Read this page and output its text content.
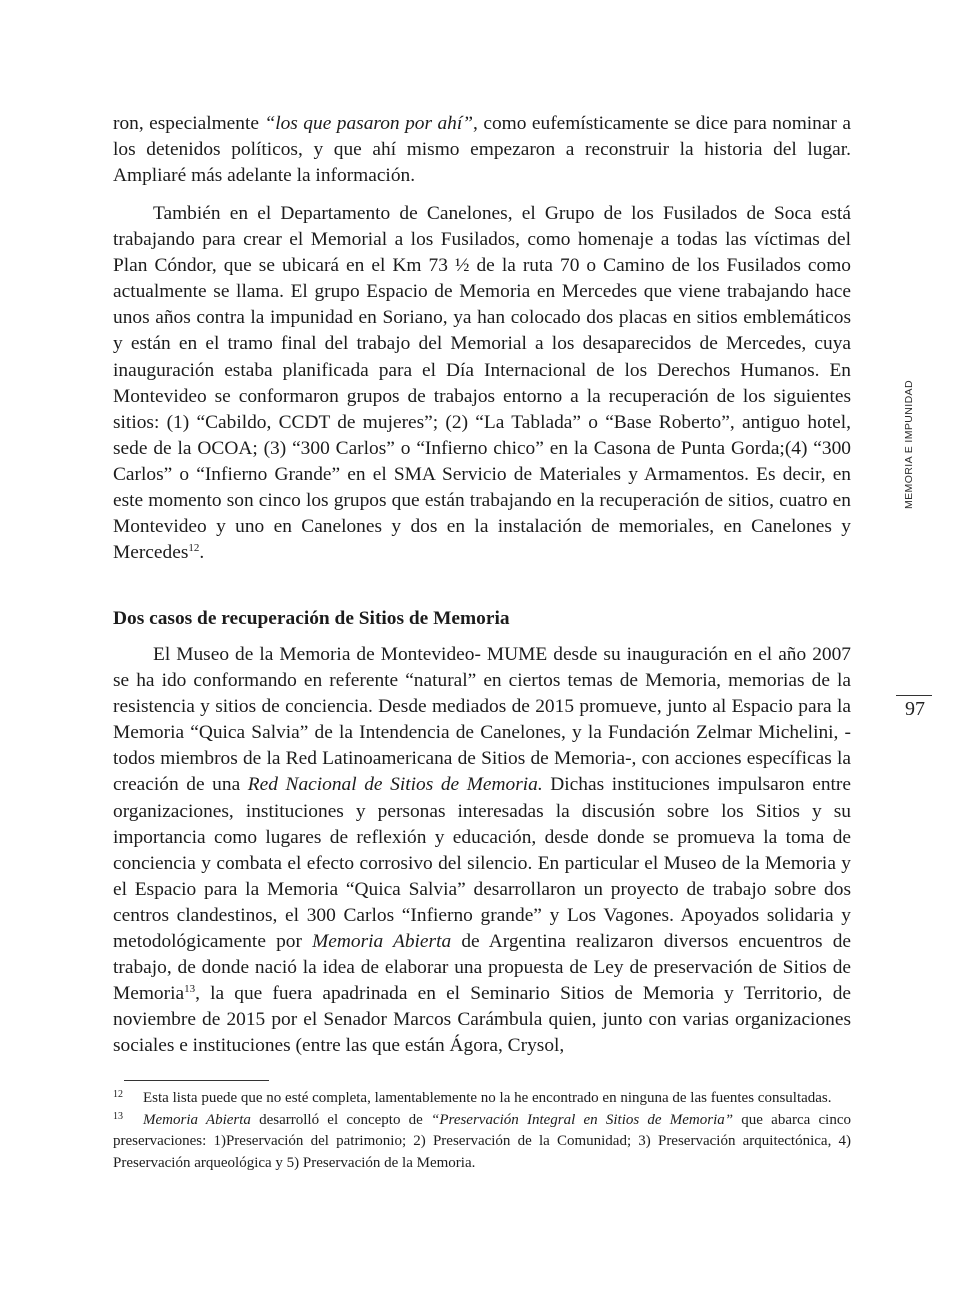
ron, especialmente “los que pasaron por ahí”, como eufemísticamente se dice para nominar a los detenidos políticos, y que ahí mismo empezaron a reconstruir la historia del lugar. Ampliaré más adelante la información.

También en el Departamento de Canelones, el Grupo de los Fusilados de Soca está trabajando para crear el Memorial a los Fusilados, como homenaje a todas las víctimas del Plan Cóndor, que se ubicará en el Km 73 ½ de la ruta 70 o Camino de los Fusilados como actualmente se llama. El grupo Espacio de Memoria en Mercedes que viene trabajando hace unos años contra la impunidad en Soriano, ya han colocado dos placas en sitios emblemáticos y están en el tramo final del trabajo del Memorial a los desaparecidos de Mercedes, cuya inauguración estaba planificada para el Día Internacional de los Derechos Humanos. En Montevideo se conformaron grupos de trabajos entorno a la recuperación de los siguientes sitios: (1) “Cabildo, CCDT de mujeres”; (2) “La Tablada” o “Base Roberto”, antiguo hotel, sede de la OCOA; (3) “300 Carlos” o “Infierno chico” en la Casona de Punta Gorda;(4) “300 Carlos” o “Infierno Grande” en el SMA Servicio de Materiales y Armamentos. Es decir, en este momento son cinco los grupos que están trabajando en la recuperación de sitios, cuatro en Montevideo y uno en Canelones y dos en la instalación de memoriales, en Canelones y Mercedes$^{12}$.

Dos casos de recuperación de Sitios de Memoria

El Museo de la Memoria de Montevideo- MUME desde su inauguración en el año 2007 se ha ido conformando en referente “natural” en ciertos temas de Memoria, memorias de la resistencia y sitios de conciencia. Desde mediados de 2015 promueve, junto al Espacio para la Memoria “Quica Salvia” de la Intendencia de Canelones, y la Fundación Zelmar Michelini, -todos miembros de la Red Latinoamericana de Sitios de Memoria-, con acciones específicas la creación de una Red Nacional de Sitios de Memoria. Dichas instituciones impulsaron entre organizaciones, instituciones y personas interesadas la discusión sobre los Sitios y su importancia como lugares de reflexión y educación, desde donde se promueva la toma de conciencia y combata el efecto corrosivo del silencio. En particular el Museo de la Memoria y el Espacio para la Memoria “Quica Salvia” desarrollaron un proyecto de trabajo sobre dos centros clandestinos, el 300 Carlos “Infierno grande” y Los Vagones. Apoyados solidaria y metodológicamente por Memoria Abierta de Argentina realizaron diversos encuentros de trabajo, de donde nació la idea de elaborar una propuesta de Ley de preservación de Sitios de Memoria$^{13}$, la que fuera apadrinada en el Seminario Sitios de Memoria y Territorio, de noviembre de 2015 por el Senador Marcos Carámbula quien, junto con varias organizaciones sociales e instituciones (entre las que están Ágora, Crysol,

12 Esta lista puede que no esté completa, lamentablemente no la he encontrado en ninguna de las fuentes consultadas.

13 Memoria Abierta desarrolló el concepto de “Preservación Integral en Sitios de Memoria” que abarca cinco preservaciones: 1)Preservación del patrimonio; 2) Preservación de la Comunidad; 3) Preservación arquitectónica, 4) Preservación arqueológica y 5) Preservación de la Memoria.

MEMORIA E IMPUNIDAD
97
